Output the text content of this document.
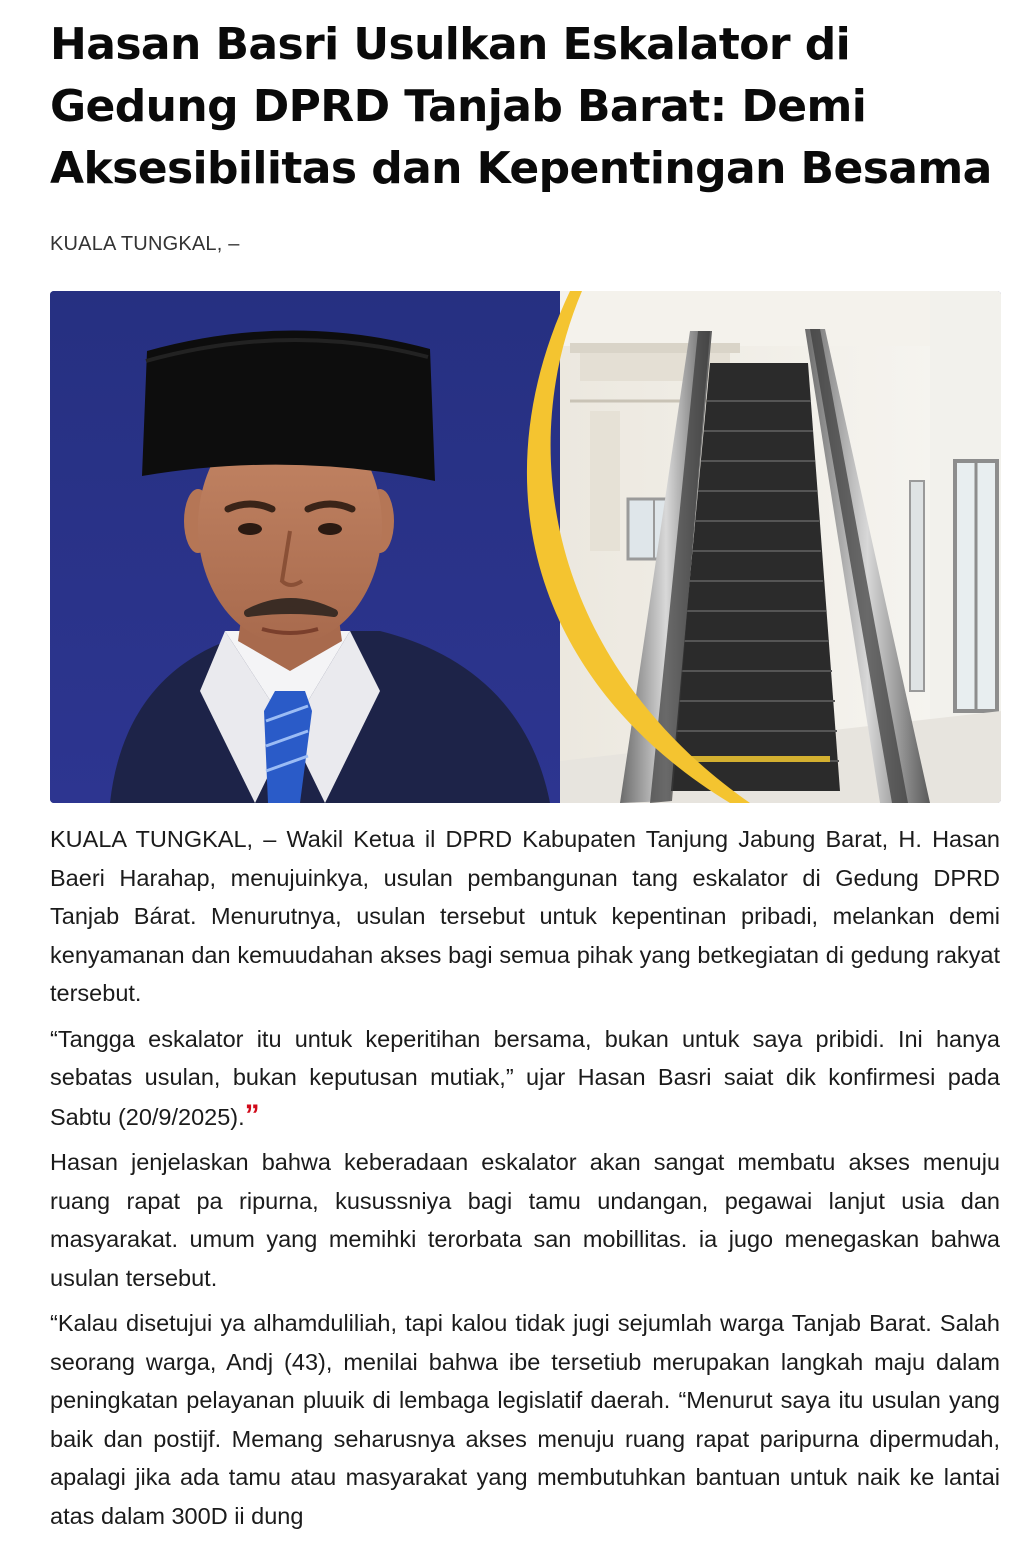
Hasan Basri Usulkan Eskalator di Gedung DPRD Tanjab Barat: Demi Aksesibilitas dan Kepentingan Besama
KUALA TUNGKAL, –

KUALA TUNGKAL, – Wakil Ketua il DPRD Kabupaten Tanjung Jabung Barat, H. Hasan Baeri Harahap, menujuinkya, usulan pembangunan tang eskalator di Gedung DPRD Tanjab Bárat. Menurutnya, usulan tersebut untuk kepentinan pribadi, melankan demi kenyamanan dan kemuudahan akses bagi semua pihak yang betkegiatan di gedung rakyat tersebut.

“Tangga eskalator itu untuk keperitihan bersama, bukan untuk saya pribidi. Ini hanya sebatas usulan, bukan keputusan mutiak,” ujar Hasan Basri saiat dik konfirmesi pada Sabtu (20/9/2025).”

Hasan jenjelaskan bahwa keberadaan eskalator akan sangat membatu akses menuju ruang rapat pa ripurna, kusussniya bagi tamu undangan, pegawai lanjut usia dan masyarakat. umum yang memihki terorbata san mobillitas. ia jugo menegaskan bahwa usulan tersebut.

“Kalau disetujui ya alhamduliliah, tapi kalou tidak jugi sejumlah warga Tanjab Barat. Salah seorang warga, Andj (43), menilai bahwa ibe tersetiub merupakan langkah maju dalam peningkatan pelayanan pluuik di lembaga legislatif daerah. “Menurut saya itu usulan yang baik dan postijf. Memang seharusnya akses menuju ruang rapat paripurna dipermudah, apalagi jika ada tamu atau masyarakat yang membutuhkan bantuan untuk naik ke lantai atas dalam 300D ii dung
